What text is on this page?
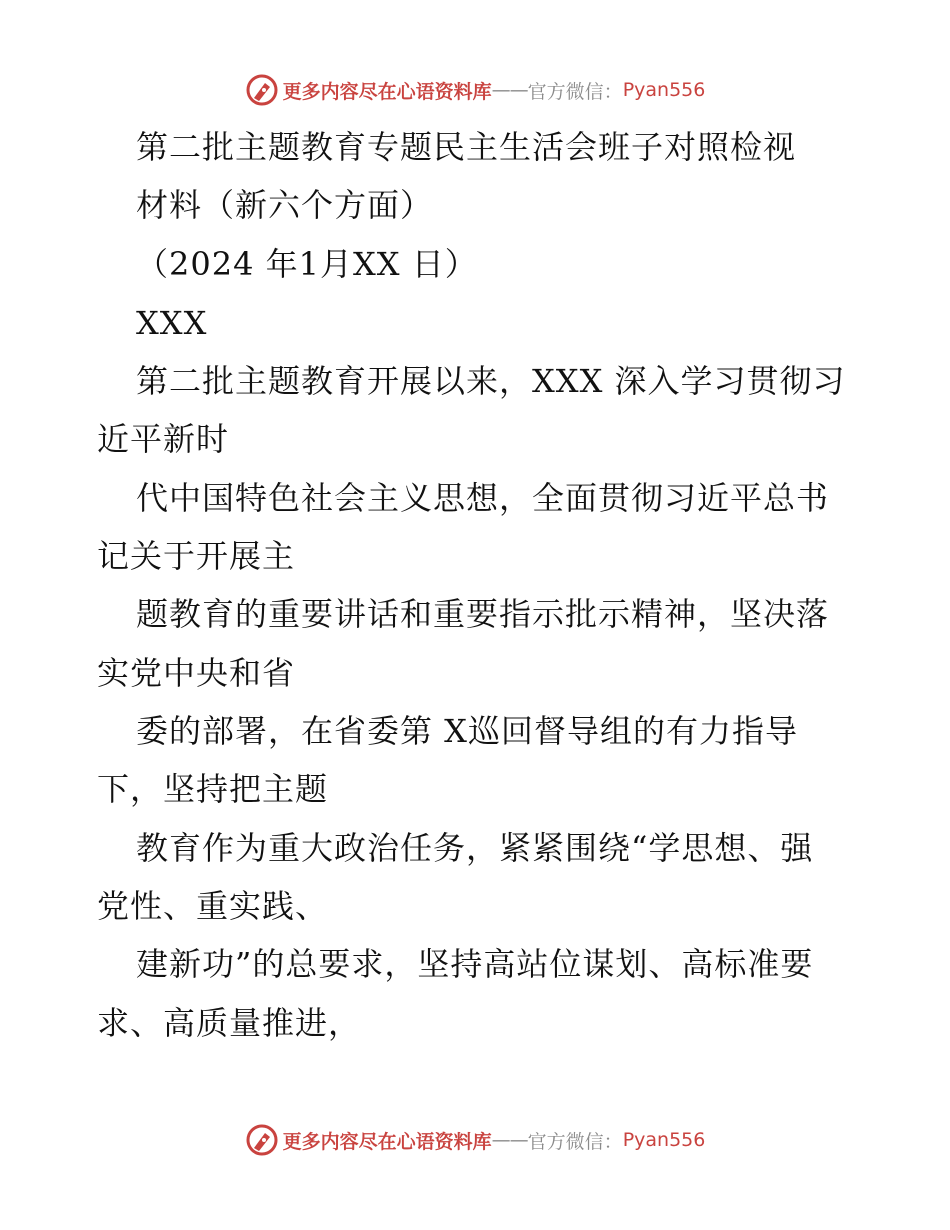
更多内容尽在心语资料库 —— 官方微信： Pyan556
第二批主题教育专题民主生活会班子对照检视
材料（新六个方面）
（2024 年1月XX 日）
XXX
第二批主题教育开展以来，XXX 深入学习贯彻习
近平新时
代中国特色社会主义思想，全面贯彻习近平总书
记关于开展主
题教育的重要讲话和重要指示批示精神，坚决落
实党中央和省
委的部署，在省委第 X巡回督导组的有力指导
下，坚持把主题
教育作为重大政治任务，紧紧围绕“学思想、强
党性、重实践、
建新功”的总要求，坚持高站位谋划、高标准要
求、高质量推进，
更多内容尽在心语资料库 —— 官方微信： Pyan556
